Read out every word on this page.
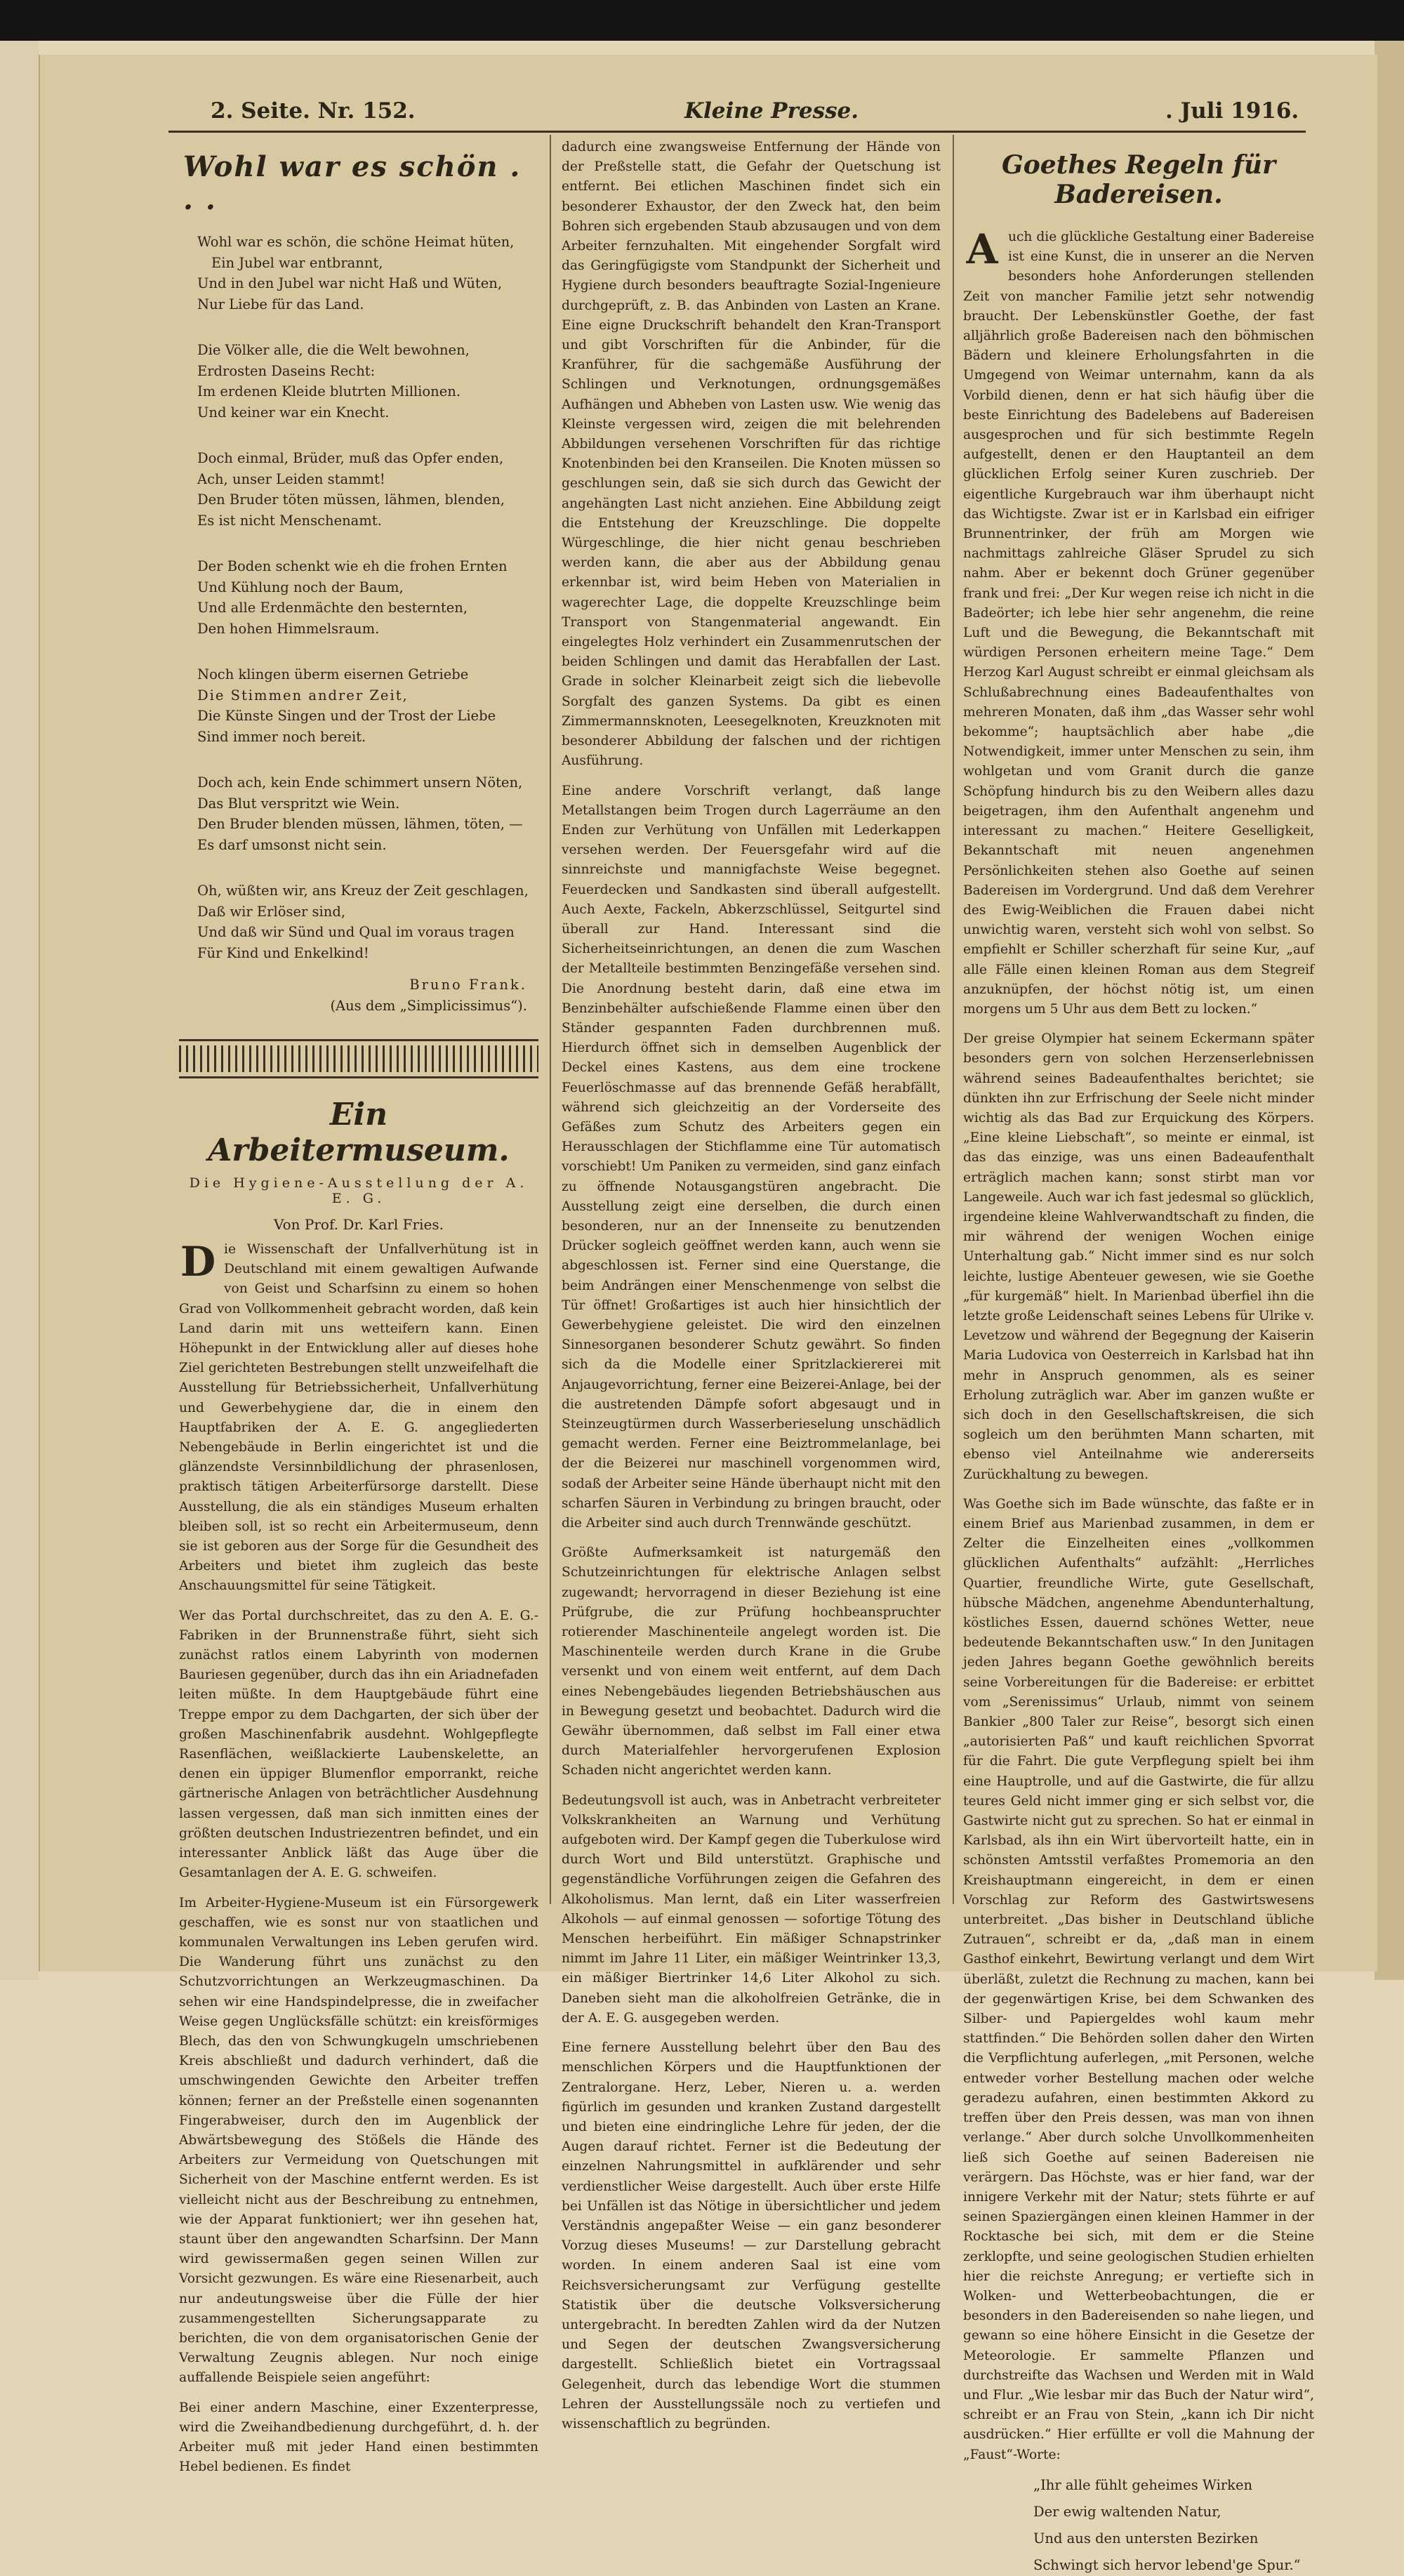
2. Seite. Nr. 152.	Kleine Presse.	. Juli 1916.
Wohl war es schön . . .
Wohl war es schön, die schöne Heimat hüten,
Ein Jubel war entbrannt,
Und in den Jubel war nicht Haß und Wüten,
Nur Liebe für das Land.
Die Völker alle, die die Welt bewohnen,
Erdrosten Daseins Recht:
Im erdenen Kleide blutrten Millionen.
Und keiner war ein Knecht.
Doch einmal, Brüder, muß das Opfer enden,
Ach, unser Leiden stammt!
Den Bruder töten müssen, lähmen, blenden,
Es ist nicht Menschenamt.
Der Boden schenkt wie eh die frohen Ernten
Und Kühlung noch der Baum,
Und alle Erdenmächte den besternten,
Den hohen Himmelsraum.
Noch klingen überm eisernen Getriebe
Die Stimmen andrer Zeit,
Die Künste Singen und der Trost der Liebe
Sind immer noch bereit.
Doch ach, kein Ende schimmert unsern Nöten,
Das Blut verspritzt wie Wein.
Den Bruder blenden müssen, lähmen, töten, —
Es darf umsonst nicht sein.
Oh, wüßten wir, ans Kreuz der Zeit geschlagen,
Daß wir Erlöser sind,
Und daß wir Sünd und Qual im voraus tragen
Für Kind und Enkelkind!
Bruno Frank.
(Aus dem „Simplicissimus“).
Ein Arbeitermuseum.
Die Hygiene-Ausstellung der A. E. G.
Von Prof. Dr. Karl Fries.

Die Wissenschaft der Unfallverhütung ist in Deutschland mit einem gewaltigen Aufwande von Geist und Scharfsinn zu einem so hohen Grad von Vollkommenheit gebracht worden, daß kein Land darin mit uns wetteifern kann. Einen Höhepunkt in der Entwicklung aller auf dieses hohe Ziel gerichteten Bestrebungen stellt unzweifelhaft die Ausstellung für Betriebssicherheit, Unfallverhütung und Gewerbehygiene dar, die in einem den Hauptfabriken der A. E. G. angegliederten Nebengebäude in Berlin eingerichtet ist und die glänzendste Versinnbildlichung der phrasenlosen, praktisch tätigen Arbeiterfürsorge darstellt. Diese Ausstellung, die als ein ständiges Museum erhalten bleiben soll, ist so recht ein Arbeitermuseum, denn sie ist geboren aus der Sorge für die Gesundheit des Arbeiters und bietet ihm zugleich das beste Anschauungsmittel für seine Tätigkeit.

Wer das Portal durchschreitet, das zu den A. E. G.-Fabriken in der Brunnenstraße führt, sieht sich zunächst ratlos einem Labyrinth von modernen Bauriesen gegenüber, durch das ihn ein Ariadnefaden leiten müßte. In dem Hauptgebäude führt eine Treppe empor zu dem Dachgarten, der sich über der großen Maschinenfabrik ausdehnt. Wohlgepflegte Rasenflächen, weißlackierte Laubenskelette, an denen ein üppiger Blumenflor emporrankt, reiche gärtnerische Anlagen von beträchtlicher Ausdehnung lassen vergessen, daß man sich inmitten eines der größten deutschen Industriezentren befindet, und ein interessanter Anblick läßt das Auge über die Gesamtanlagen der A. E. G. schweifen.

Im Arbeiter-Hygiene-Museum ist ein Fürsorgewerk geschaffen, wie es sonst nur von staatlichen und kommunalen Verwaltungen ins Leben gerufen wird. Die Wanderung führt uns zunächst zu den Schutzvorrichtungen an Werkzeugmaschinen. Da sehen wir eine Handspindelpresse, die in zweifacher Weise gegen Unglücksfälle schützt: ein kreisförmiges Blech, das den von Schwungkugeln umschriebenen Kreis abschließt und dadurch verhindert, daß die umschwingenden Gewichte den Arbeiter treffen können; ferner an der Preßstelle einen sogenannten Fingerabweiser, durch den im Augenblick der Abwärtsbewegung des Stößels die Hände des Arbeiters zur Vermeidung von Quetschungen mit Sicherheit von der Maschine entfernt werden. Es ist vielleicht nicht aus der Beschreibung zu entnehmen, wie der Apparat funktioniert; wer ihn gesehen hat, staunt über den angewandten Scharfsinn. Der Mann wird gewissermaßen gegen seinen Willen zur Vorsicht gezwungen. Es wäre eine Riesenarbeit, auch nur andeutungsweise über die Fülle der hier zusammengestellten Sicherungsapparate zu berichten, die von dem organisatorischen Genie der Verwaltung Zeugnis ablegen. Nur noch einige auffallende Beispiele seien angeführt:

Bei einer andern Maschine, einer Exzenterpresse, wird die Zweihandbedienung durchgeführt, d. h. der Arbeiter muß mit jeder Hand einen bestimmten Hebel bedienen. Es findet

dadurch eine zwangsweise Entfernung der Hände von der Preßstelle statt, die Gefahr der Quetschung ist entfernt. Bei etlichen Maschinen findet sich ein besonderer Exhaustor, der den Zweck hat, den beim Bohren sich ergebenden Staub abzusaugen und von dem Arbeiter fernzuhalten. Mit eingehender Sorgfalt wird das Geringfügigste vom Standpunkt der Sicherheit und Hygiene durch besonders beauftragte Sozial-Ingenieure durchgeprüft, z. B. das Anbinden von Lasten an Krane. Eine eigne Druckschrift behandelt den Kran-Transport und gibt Vorschriften für die Anbinder, für die Kranführer, für die sachgemäße Ausführung der Schlingen und Verknotungen, ordnungsgemäßes Aufhängen und Abheben von Lasten usw. Wie wenig das Kleinste vergessen wird, zeigen die mit belehrenden Abbildungen versehenen Vorschriften für das richtige Knotenbinden bei den Kranseilen. Die Knoten müssen so geschlungen sein, daß sie sich durch das Gewicht der angehängten Last nicht anziehen. Eine Abbildung zeigt die Entstehung der Kreuzschlinge. Die doppelte Würgeschlinge, die hier nicht genau beschrieben werden kann, die aber aus der Abbildung genau erkennbar ist, wird beim Heben von Materialien in wagerechter Lage, die doppelte Kreuzschlinge beim Transport von Stangenmaterial angewandt. Ein eingelegtes Holz verhindert ein Zusammenrutschen der beiden Schlingen und damit das Herabfallen der Last. Grade in solcher Kleinarbeit zeigt sich die liebevolle Sorgfalt des ganzen Systems. Da gibt es einen Zimmermannsknoten, Leesegelknoten, Kreuzknoten mit besonderer Abbildung der falschen und der richtigen Ausführung.

Eine andere Vorschrift verlangt, daß lange Metallstangen beim Trogen durch Lagerräume an den Enden zur Verhütung von Unfällen mit Lederkappen versehen werden. Der Feuersgefahr wird auf die sinnreichste und mannigfachste Weise begegnet. Feuerdecken und Sandkasten sind überall aufgestellt. Auch Aexte, Fackeln, Abkerzschlüssel, Seitgurtel sind überall zur Hand. Interessant sind die Sicherheitseinrichtungen, an denen die zum Waschen der Metallteile bestimmten Benzingefäße versehen sind. Die Anordnung besteht darin, daß eine etwa im Benzinbehälter aufschießende Flamme einen über den Ständer gespannten Faden durchbrennen muß. Hierdurch öffnet sich in demselben Augenblick der Deckel eines Kastens, aus dem eine trockene Feuerlöschmasse auf das brennende Gefäß herabfällt, während sich gleichzeitig an der Vorderseite des Gefäßes zum Schutz des Arbeiters gegen ein Herausschlagen der Stichflamme eine Tür automatisch vorschiebt! Um Paniken zu vermeiden, sind ganz einfach zu öffnende Notausgangstüren angebracht. Die Ausstellung zeigt eine derselben, die durch einen besonderen, nur an der Innenseite zu benutzenden Drücker sogleich geöffnet werden kann, auch wenn sie abgeschlossen ist. Ferner sind eine Querstange, die beim Andrängen einer Menschenmenge von selbst die Tür öffnet! Großartiges ist auch hier hinsichtlich der Gewerbehygiene geleistet. Die wird den einzelnen Sinnesorganen besonderer Schutz gewährt. So finden sich da die Modelle einer Spritzlackiererei mit Anjaugevorrichtung, ferner eine Beizerei-Anlage, bei der die austretenden Dämpfe sofort abgesaugt und in Steinzeugtürmen durch Wasserberieselung unschädlich gemacht werden. Ferner eine Beiztrommelanlage, bei der die Beizerei nur maschinell vorgenommen wird, sodaß der Arbeiter seine Hände überhaupt nicht mit den scharfen Säuren in Verbindung zu bringen braucht, oder die Arbeiter sind auch durch Trennwände geschützt.

Größte Aufmerksamkeit ist naturgemäß den Schutzeinrichtungen für elektrische Anlagen selbst zugewandt; hervorragend in dieser Beziehung ist eine Prüfgrube, die zur Prüfung hochbeanspruchter rotierender Maschinenteile angelegt worden ist. Die Maschinenteile werden durch Krane in die Grube versenkt und von einem weit entfernt, auf dem Dach eines Nebengebäudes liegenden Betriebshäuschen aus in Bewegung gesetzt und beobachtet. Dadurch wird die Gewähr übernommen, daß selbst im Fall einer etwa durch Materialfehler hervorgerufenen Explosion Schaden nicht angerichtet werden kann.

Bedeutungsvoll ist auch, was in Anbetracht verbreiteter Volkskrankheiten an Warnung und Verhütung aufgeboten wird. Der Kampf gegen die Tuberkulose wird durch Wort und Bild unterstützt. Graphische und gegenständliche Vorführungen zeigen die Gefahren des Alkoholismus. Man lernt, daß ein Liter wasserfreien Alkohols — auf einmal genossen — sofortige Tötung des Menschen herbeiführt. Ein mäßiger Schnapstrinker nimmt im Jahre 11 Liter, ein mäßiger Weintrinker 13,3, ein mäßiger Biertrinker 14,6 Liter Alkohol zu sich. Daneben sieht man die alkoholfreien Getränke, die in der A. E. G. ausgegeben werden.

Eine fernere Ausstellung belehrt über den Bau des menschlichen Körpers und die Hauptfunktionen der Zentralorgane. Herz, Leber, Nieren u. a. werden figürlich im gesunden und kranken Zustand dargestellt und bieten eine eindringliche Lehre für jeden, der die Augen darauf richtet. Ferner ist die Bedeutung der einzelnen Nahrungsmittel in aufklärender und sehr verdienstlicher Weise dargestellt. Auch über erste Hilfe bei Unfällen ist das Nötige in übersichtlicher und jedem Verständnis angepaßter Weise — ein ganz besonderer Vorzug dieses Museums! — zur Darstellung gebracht worden. In einem anderen Saal ist eine vom Reichsversicherungsamt zur Verfügung gestellte Statistik über die deutsche Volksversicherung untergebracht. In beredten Zahlen wird da der Nutzen und Segen der deutschen Zwangsversicherung dargestellt. Schließlich bietet ein Vortragssaal Gelegenheit, durch das lebendige Wort die stummen Lehren der Ausstellungssäle noch zu vertiefen und wissenschaftlich zu begründen.

Goethes Regeln für Badereisen.

Auch die glückliche Gestaltung einer Badereise ist eine Kunst, die in unserer an die Nerven besonders hohe Anforderungen stellenden Zeit von mancher Familie jetzt sehr notwendig braucht. Der Lebenskünstler Goethe, der fast alljährlich große Badereisen nach den böhmischen Bädern und kleinere Erholungsfahrten in die Umgegend von Weimar unternahm, kann da als Vorbild dienen, denn er hat sich häufig über die beste Einrichtung des Badelebens auf Badereisen ausgesprochen und für sich bestimmte Regeln aufgestellt, denen er den Hauptanteil an dem glücklichen Erfolg seiner Kuren zuschrieb. Der eigentliche Kurgebrauch war ihm überhaupt nicht das Wichtigste. Zwar ist er in Karlsbad ein eifriger Brunnentrinker, der früh am Morgen wie nachmittags zahlreiche Gläser Sprudel zu sich nahm. Aber er bekennt doch Grüner gegenüber frank und frei: „Der Kur wegen reise ich nicht in die Badeörter; ich lebe hier sehr angenehm, die reine Luft und die Bewegung, die Bekanntschaft mit würdigen Personen erheitern meine Tage.“ Dem Herzog Karl August schreibt er einmal gleichsam als Schlußabrechnung eines Badeaufenthaltes von mehreren Monaten, daß ihm „das Wasser sehr wohl bekomme“; hauptsächlich aber habe „die Notwendigkeit, immer unter Menschen zu sein, ihm wohlgetan und vom Granit durch die ganze Schöpfung hindurch bis zu den Weibern alles dazu beigetragen, ihm den Aufenthalt angenehm und interessant zu machen.“ Heitere Geselligkeit, Bekanntschaft mit neuen angenehmen Persönlichkeiten stehen also Goethe auf seinen Badereisen im Vordergrund. Und daß dem Verehrer des Ewig-Weiblichen die Frauen dabei nicht unwichtig waren, versteht sich wohl von selbst. So empfiehlt er Schiller scherzhaft für seine Kur, „auf alle Fälle einen kleinen Roman aus dem Stegreif anzuknüpfen, der höchst nötig ist, um einen morgens um 5 Uhr aus dem Bett zu locken.“

Der greise Olympier hat seinem Eckermann später besonders gern von solchen Herzenserlebnissen während seines Badeaufenthaltes berichtet; sie dünkten ihn zur Erfrischung der Seele nicht minder wichtig als das Bad zur Erquickung des Körpers. „Eine kleine Liebschaft“, so meinte er einmal, ist das das einzige, was uns einen Badeaufenthalt erträglich machen kann; sonst stirbt man vor Langeweile. Auch war ich fast jedesmal so glücklich, irgendeine kleine Wahlverwandtschaft zu finden, die mir während der wenigen Wochen einige Unterhaltung gab.“ Nicht immer sind es nur solch leichte, lustige Abenteuer gewesen, wie sie Goethe „für kurgemäß“ hielt. In Marienbad überfiel ihn die letzte große Leidenschaft seines Lebens für Ulrike v. Levetzow und während der Begegnung der Kaiserin Maria Ludovica von Oesterreich in Karlsbad hat ihn mehr in Anspruch genommen, als es seiner Erholung zuträglich war. Aber im ganzen wußte er sich doch in den Gesellschaftskreisen, die sich sogleich um den berühmten Mann scharten, mit ebenso viel Anteilnahme wie andererseits Zurückhaltung zu bewegen.

Was Goethe sich im Bade wünschte, das faßte er in einem Brief aus Marienbad zusammen, in dem er Zelter die Einzelheiten eines „vollkommen glücklichen Aufenthalts“ aufzählt: „Herrliches Quartier, freundliche Wirte, gute Gesellschaft, hübsche Mädchen, angenehme Abendunterhaltung, köstliches Essen, dauernd schönes Wetter, neue bedeutende Bekanntschaften usw.“ In den Junitagen jeden Jahres begann Goethe gewöhnlich bereits seine Vorbereitungen für die Badereise: er erbittet vom „Serenissimus“ Urlaub, nimmt von seinem Bankier „800 Taler zur Reise“, besorgt sich einen „autorisierten Paß“ und kauft reichlichen Spvorrat für die Fahrt. Die gute Verpflegung spielt bei ihm eine Hauptrolle, und auf die Gastwirte, die für allzu teures Geld nicht immer ging er sich selbst vor, die Gastwirte nicht gut zu sprechen. So hat er einmal in Karlsbad, als ihn ein Wirt übervorteilt hatte, ein in schönsten Amtsstil verfaßtes Promemoria an den Kreishauptmann eingereicht, in dem er einen Vorschlag zur Reform des Gastwirtswesens unterbreitet. „Das bisher in Deutschland übliche Zutrauen“, schreibt er da, „daß man in einem Gasthof einkehrt, Bewirtung verlangt und dem Wirt überläßt, zuletzt die Rechnung zu machen, kann bei der gegenwärtigen Krise, bei dem Schwanken des Silber- und Papiergeldes wohl kaum mehr stattfinden.“ Die Behörden sollen daher den Wirten die Verpflichtung auferlegen, „mit Personen, welche entweder vorher Bestellung machen oder welche geradezu aufahren, einen bestimmten Akkord zu treffen über den Preis dessen, was man von ihnen verlange.“ Aber durch solche Unvollkommenheiten ließ sich Goethe auf seinen Badereisen nie verärgern. Das Höchste, was er hier fand, war der innigere Verkehr mit der Natur; stets führte er auf seinen Spaziergängen einen kleinen Hammer in der Rocktasche bei sich, mit dem er die Steine zerklopfte, und seine geologischen Studien erhielten hier die reichste Anregung; er vertiefte sich in Wolken- und Wetterbeobachtungen, die er besonders in den Badereisenden so nahe liegen, und gewann so eine höhere Einsicht in die Gesetze der Meteorologie. Er sammelte Pflanzen und durchstreifte das Wachsen und Werden mit in Wald und Flur. „Wie lesbar mir das Buch der Natur wird“, schreibt er an Frau von Stein, „kann ich Dir nicht ausdrücken.“ Hier erfüllte er voll die Mahnung der „Faust“-Worte:

„Ihr alle fühlt geheimes Wirken
Der ewig waltenden Natur,
Und aus den untersten Bezirken
Schwingt sich hervor lebend'ge Spur.“
